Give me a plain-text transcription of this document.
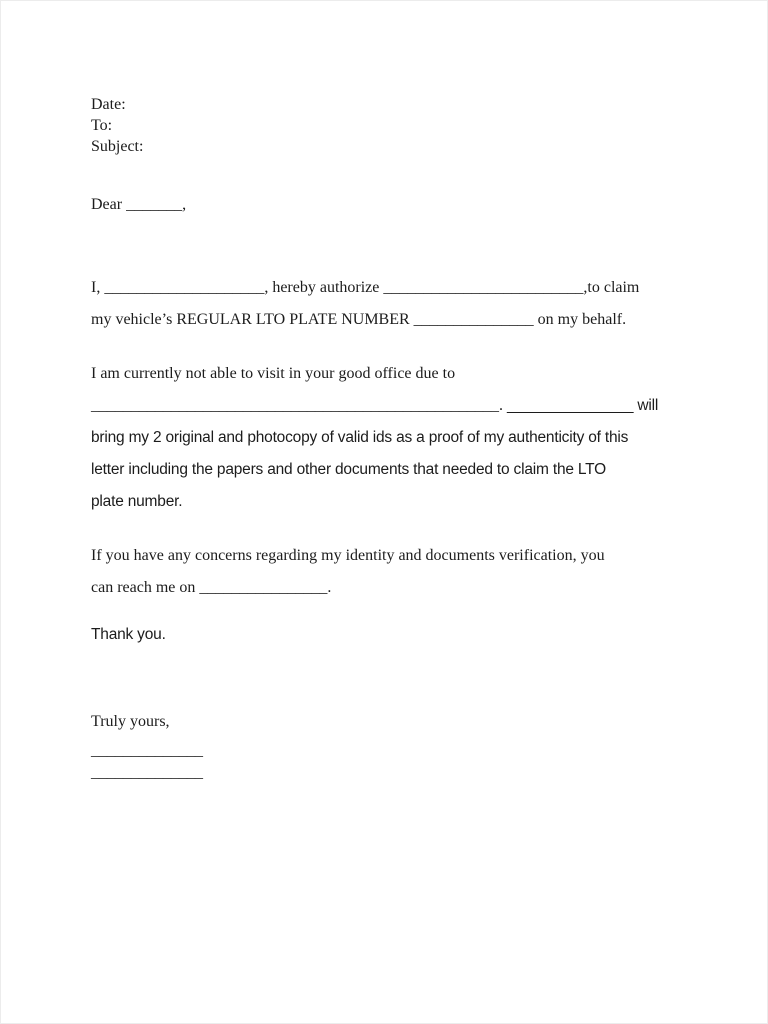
Date:
To:
Subject:
Dear _______,
I, ____________________, hereby authorize _________________________,to claim
my vehicle’s REGULAR LTO PLATE NUMBER _______________ on my behalf.
I am currently not able to visit in your good office due to
___________________________________________________. _______________ will
bring my 2 original and photocopy of valid ids as a proof of my authenticity of this
letter including the papers and other documents that needed to claim the LTO
plate number.
If you have any concerns regarding my identity and documents verification, you
can reach me on ________________.
Thank you.
Truly yours,
______________
______________
